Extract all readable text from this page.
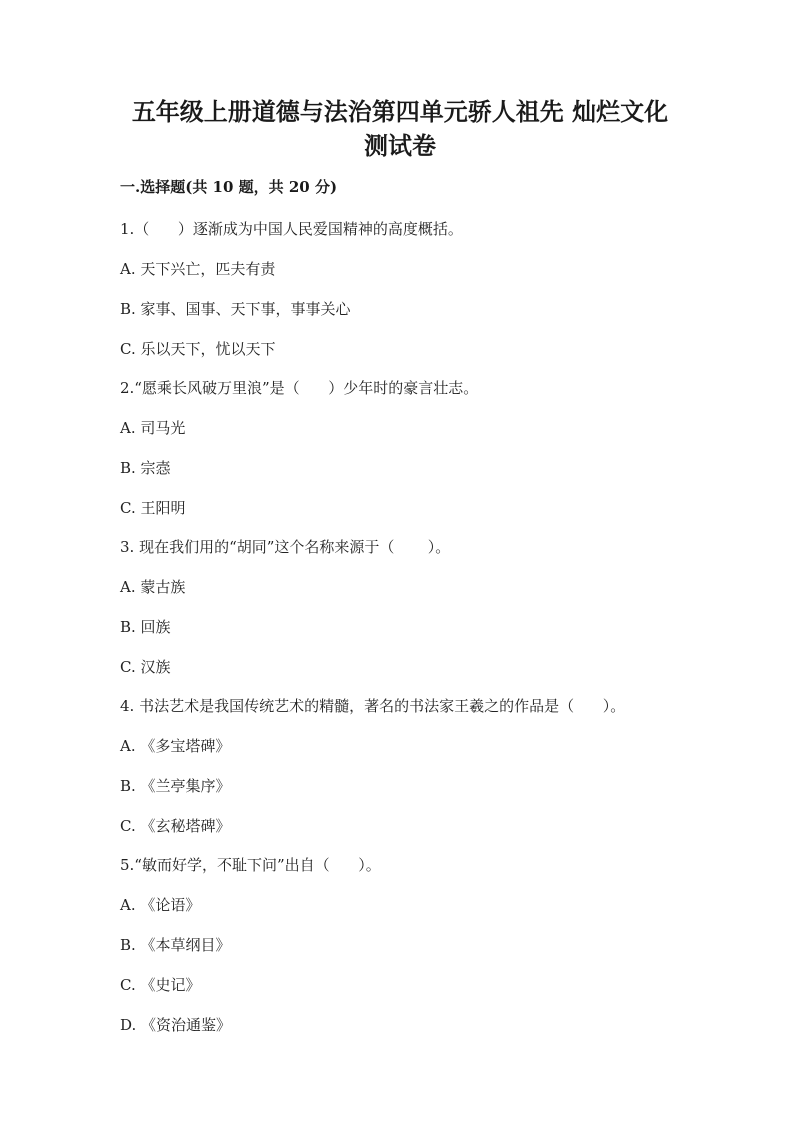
五年级上册道德与法治第四单元骄人祖先 灿烂文化
测试卷

一.选择题(共 10 题，共 20 分)

1.（      ）逐渐成为中国人民爱国精神的高度概括。

A. 天下兴亡，匹夫有责

B. 家事、国事、天下事，事事关心

C. 乐以天下，忧以天下

2.“愿乘长风破万里浪”是（      ）少年时的豪言壮志。

A. 司马光

B. 宗悫

C. 王阳明

3. 现在我们用的“胡同”这个名称来源于（       ）。

A. 蒙古族

B. 回族

C. 汉族

4. 书法艺术是我国传统艺术的精髓，著名的书法家王羲之的作品是（      ）。

A. 《多宝塔碑》

B. 《兰亭集序》

C. 《玄秘塔碑》

5.“敏而好学，不耻下问”出自（      ）。

A. 《论语》

B. 《本草纲目》

C. 《史记》

D. 《资治通鉴》
